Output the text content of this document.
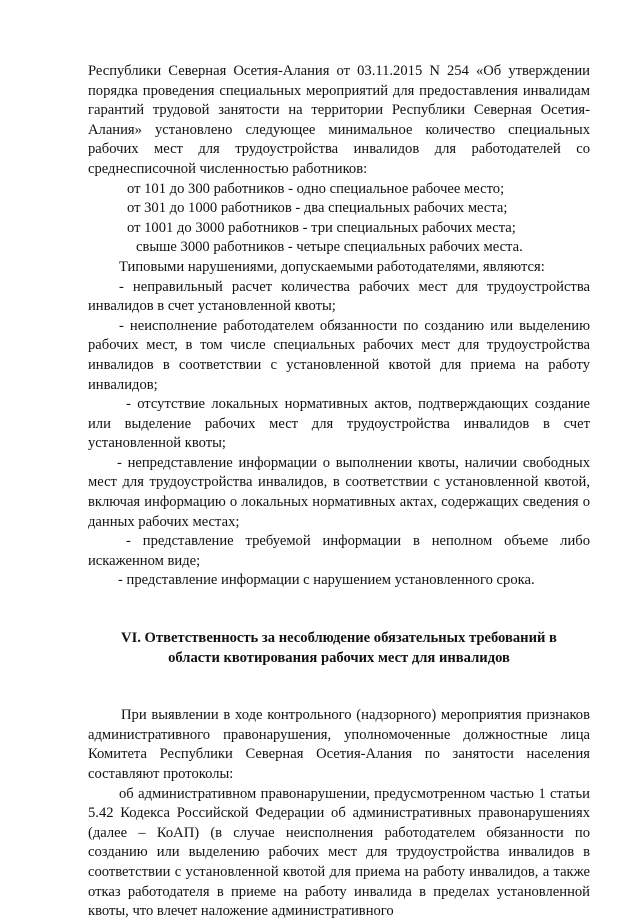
Республики Северная Осетия-Алания от 03.11.2015 N 254 «Об утверждении порядка проведения специальных мероприятий для предоставления инвалидам гарантий трудовой занятости на территории Республики Северная Осетия-Алания» установлено следующее минимальное количество специальных рабочих мест для трудоустройства инвалидов для работодателей со среднесписочной численностью работников:

от 101 до 300 работников - одно специальное рабочее место;

от 301 до 1000 работников - два специальных рабочих места;

от 1001 до 3000 работников - три специальных рабочих места;

свыше 3000 работников - четыре специальных рабочих места.

Типовыми нарушениями, допускаемыми работодателями, являются:

- неправильный расчет количества рабочих мест для трудоустройства инвалидов в счет установленной квоты;

- неисполнение работодателем обязанности по созданию или выделению рабочих мест, в том числе специальных рабочих мест для трудоустройства инвалидов в соответствии с установленной квотой для приема на работу инвалидов;

- отсутствие локальных нормативных актов, подтверждающих создание или выделение рабочих мест для трудоустройства инвалидов в счет установленной квоты;

- непредставление информации о выполнении квоты, наличии свободных мест для трудоустройства инвалидов, в соответствии с установленной квотой, включая информацию о локальных нормативных актах, содержащих сведения о данных рабочих местах;

- представление требуемой информации в неполном объеме либо искаженном виде;

- представление информации с нарушением установленного срока.

VI. Ответственность за несоблюдение обязательных требований в области квотирования рабочих мест для инвалидов

При выявлении в ходе контрольного (надзорного) мероприятия признаков административного правонарушения, уполномоченные должностные лица Комитета Республики Северная Осетия-Алания по занятости населения составляют протоколы:

об административном правонарушении, предусмотренном частью 1 статьи 5.42 Кодекса Российской Федерации об административных правонарушениях (далее – КоАП) (в случае неисполнения работодателем обязанности по созданию или выделению рабочих мест для трудоустройства инвалидов в соответствии с установленной квотой для приема на работу инвалидов, а также отказ работодателя в приеме на работу инвалида в пределах установленной квоты, что влечет наложение административного
